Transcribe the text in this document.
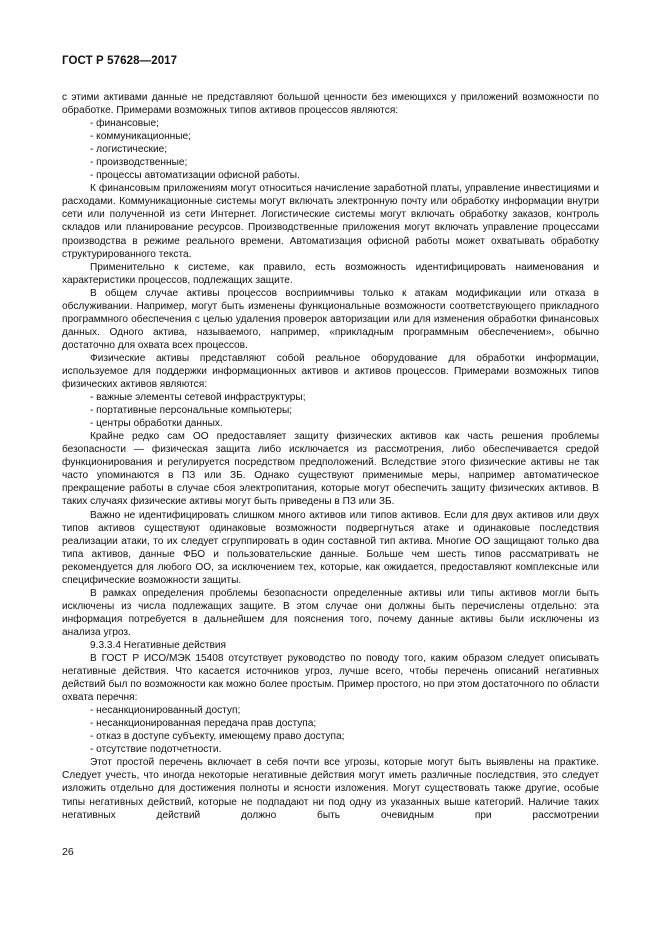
ГОСТ Р 57628—2017

с этими активами данные не представляют большой ценности без имеющихся у приложений возможности по обработке. Примерами возможных типов активов процессов являются:

- финансовые;

- коммуникационные;

- логистические;

- производственные;

- процессы автоматизации офисной работы.

К финансовым приложениям могут относиться начисление заработной платы, управление инвестициями и расходами. Коммуникационные системы могут включать электронную почту или обработку информации внутри сети или полученной из сети Интернет. Логистические системы могут включать обработку заказов, контроль складов или планирование ресурсов. Производственные приложения могут включать управление процессами производства в режиме реального времени. Автоматизация офисной работы может охватывать обработку структурированного текста.

Применительно к системе, как правило, есть возможность идентифицировать наименования и характеристики процессов, подлежащих защите.

В общем случае активы процессов восприимчивы только к атакам модификации или отказа в обслуживании. Например, могут быть изменены функциональные возможности соответствующего прикладного программного обеспечения с целью удаления проверок авторизации или для изменения обработки финансовых данных. Одного актива, называемого, например, «прикладным программным обеспечением», обычно достаточно для охвата всех процессов.

Физические активы представляют собой реальное оборудование для обработки информации, используемое для поддержки информационных активов и активов процессов. Примерами возможных типов физических активов являются:

- важные элементы сетевой инфраструктуры;

- портативные персональные компьютеры;

- центры обработки данных.

Крайне редко сам ОО предоставляет защиту физических активов как часть решения проблемы безопасности — физическая защита либо исключается из рассмотрения, либо обеспечивается средой функционирования и регулируется посредством предположений. Вследствие этого физические активы не так часто упоминаются в ПЗ или ЗБ. Однако существуют применимые меры, например автоматическое прекращение работы в случае сбоя электропитания, которые могут обеспечить защиту физических активов. В таких случаях физические активы могут быть приведены в ПЗ или ЗБ.

Важно не идентифицировать слишком много активов или типов активов. Если для двух активов или двух типов активов существуют одинаковые возможности подвергнуться атаке и одинаковые последствия реализации атаки, то их следует сгруппировать в один составной тип актива. Многие ОО защищают только два типа активов, данные ФБО и пользовательские данные. Больше чем шесть типов рассматривать не рекомендуется для любого ОО, за исключением тех, которые, как ожидается, предоставляют комплексные или специфические возможности защиты.

В рамках определения проблемы безопасности определенные активы или типы активов могли быть исключены из числа подлежащих защите. В этом случае они должны быть перечислены отдельно: эта информация потребуется в дальнейшем для пояснения того, почему данные активы были исключены из анализа угроз.

9.3.3.4 Негативные действия

В ГОСТ Р ИСО/МЭК 15408 отсутствует руководство по поводу того, каким образом следует описывать негативные действия. Что касается источников угроз, лучше всего, чтобы перечень описаний негативных действий был по возможности как можно более простым. Пример простого, но при этом достаточного по области охвата перечня:

- несанкционированный доступ;

- несанкционированная передача прав доступа;

- отказ в доступе субъекту, имеющему право доступа;

- отсутствие подотчетности.

Этот простой перечень включает в себя почти все угрозы, которые могут быть выявлены на практике. Следует учесть, что иногда некоторые негативные действия могут иметь различные последствия, это следует изложить отдельно для достижения полноты и ясности изложения. Могут существовать также другие, особые типы негативных действий, которые не подпадают ни под одну из указанных выше категорий. Наличие таких негативных действий должно быть очевидным при рассмотрении

26
